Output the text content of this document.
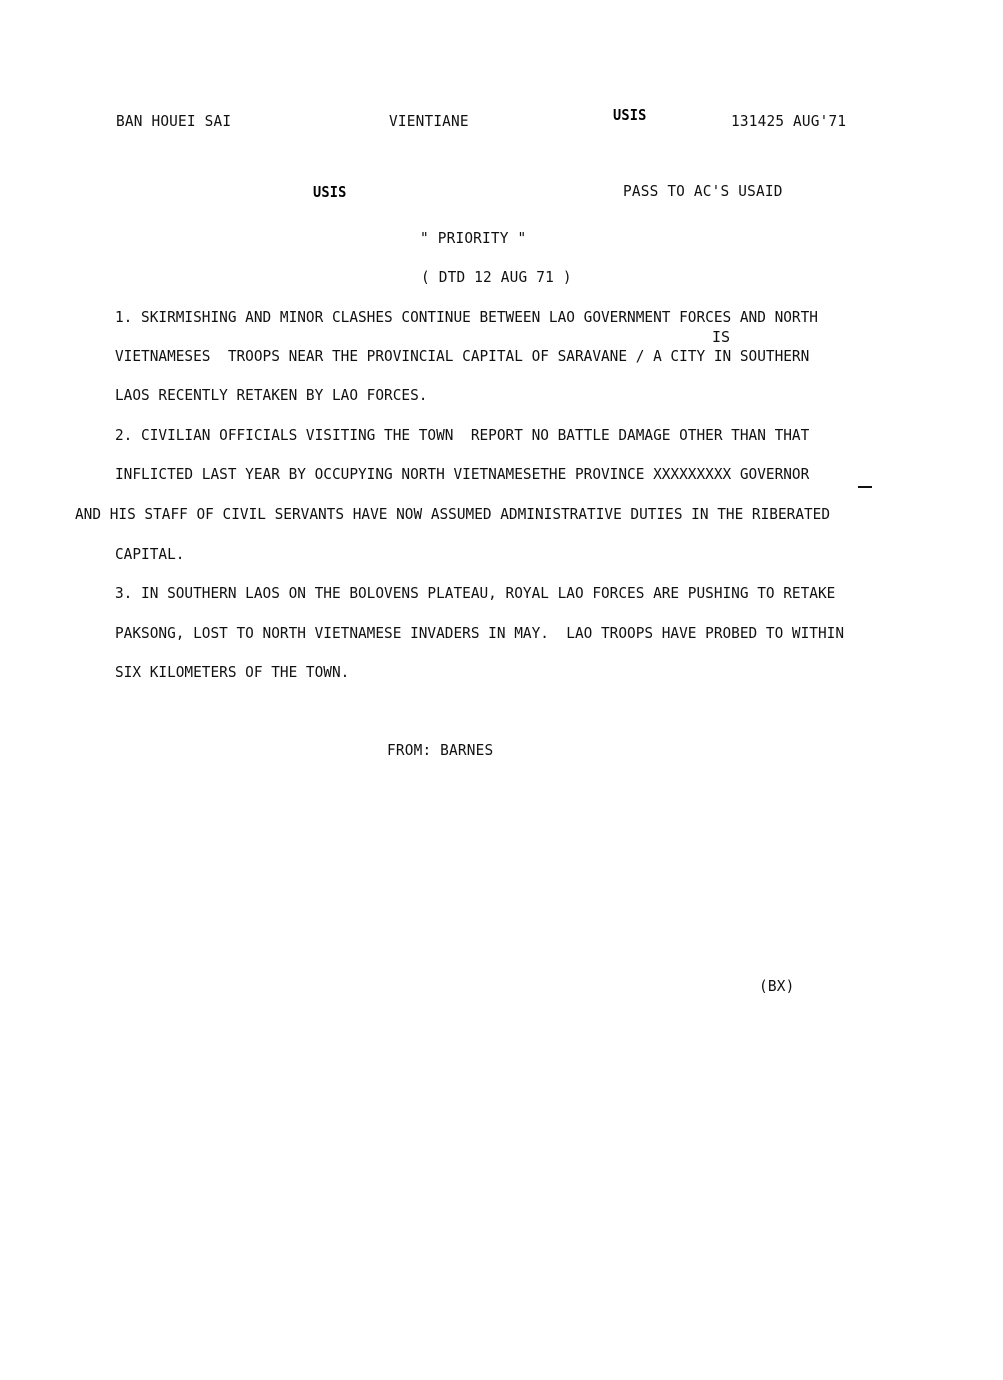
BAN HOUEI SAI	VIENTIANE	USIS	131425 AUG'71
USIS	PASS TO AC'S USAID
" PRIORITY "
( DTD 12 AUG 71 )
1. SKIRMISHING AND MINOR CLASHES CONTINUE BETWEEN LAO GOVERNMENT FORCES AND NORTH
IS
VIETNAMESES  TROOPS NEAR THE PROVINCIAL CAPITAL OF SARAVANE / A CITY IN SOUTHERN
LAOS RECENTLY RETAKEN BY LAO FORCES.
2. CIVILIAN OFFICIALS VISITING THE TOWN  REPORT NO BATTLE DAMAGE OTHER THAN THAT
INFLICTED LAST YEAR BY OCCUPYING NORTH VIETNAMESETHE PROVINCE XXXXXXXXX GOVERNOR
AND HIS STAFF OF CIVIL SERVANTS HAVE NOW ASSUMED ADMINISTRATIVE DUTIES IN THE RIBERATED
CAPITAL.
3. IN SOUTHERN LAOS ON THE BOLOVENS PLATEAU, ROYAL LAO FORCES ARE PUSHING TO RETAKE
PAKSONG, LOST TO NORTH VIETNAMESE INVADERS IN MAY.  LAO TROOPS HAVE PROBED TO WITHIN
SIX KILOMETERS OF THE TOWN.
FROM: BARNES
(BX)
